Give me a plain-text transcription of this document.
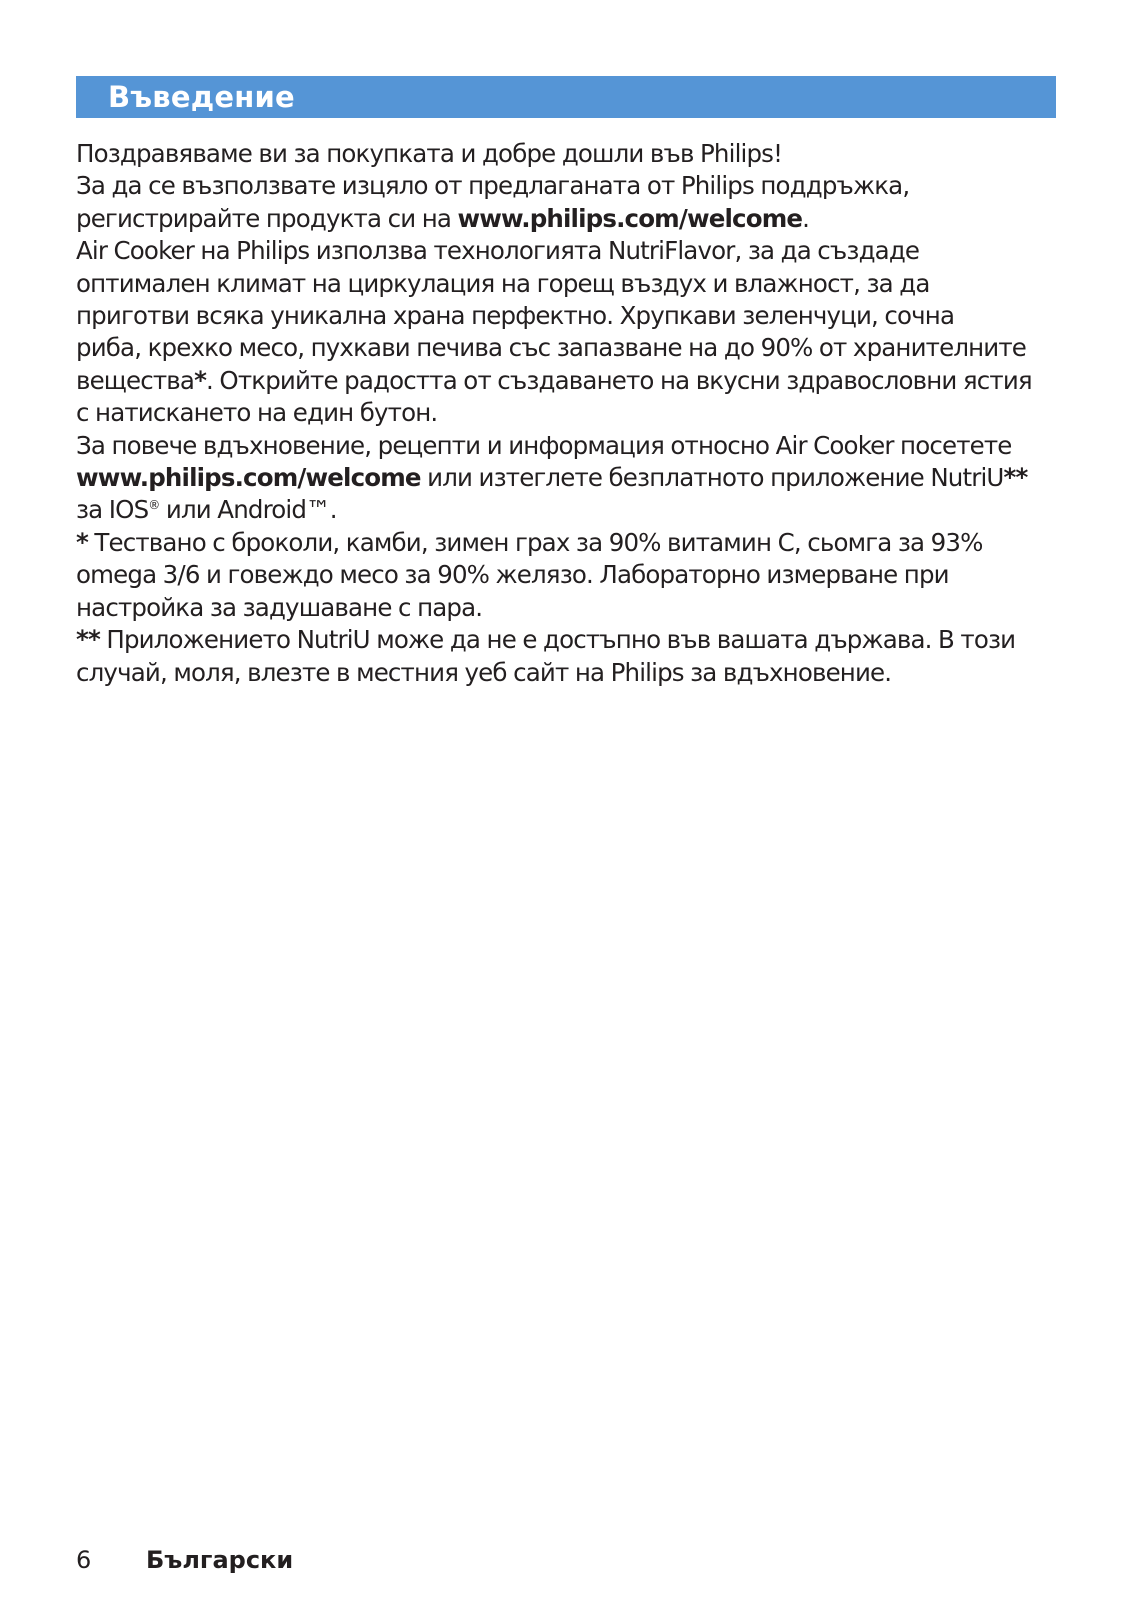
Въведение
Поздравяваме ви за покупката и добре дошли във Philips!
За да се възползвате изцяло от предлаганата от Philips поддръжка,
регистрирайте продукта си на www.philips.com/welcome.
Air Cooker на Philips използва технологията NutriFlavor, за да създаде
оптимален климат на циркулация на горещ въздух и влажност, за да
приготви всяка уникална храна перфектно. Хрупкави зеленчуци, сочна
риба, крехко месо, пухкави печива със запазване на до 90% от хранителните
вещества*. Открийте радостта от създаването на вкусни здравословни ястия
с натискането на един бутон.
За повече вдъхновение, рецепти и информация относно Air Cooker посетете
www.philips.com/welcome или изтеглете безплатното приложение NutriU**
за IOS® или Android™.
* Тествано с броколи, камби, зимен грах за 90% витамин С, сьомга за 93%
omega 3/6 и говеждо месо за 90% желязо. Лабораторно измерване при
настройка за задушаване с пара.
** Приложението NutriU може да не е достъпно във вашата държава. В този
случай, моля, влезте в местния уеб сайт на Philips за вдъхновение.
6 Български
